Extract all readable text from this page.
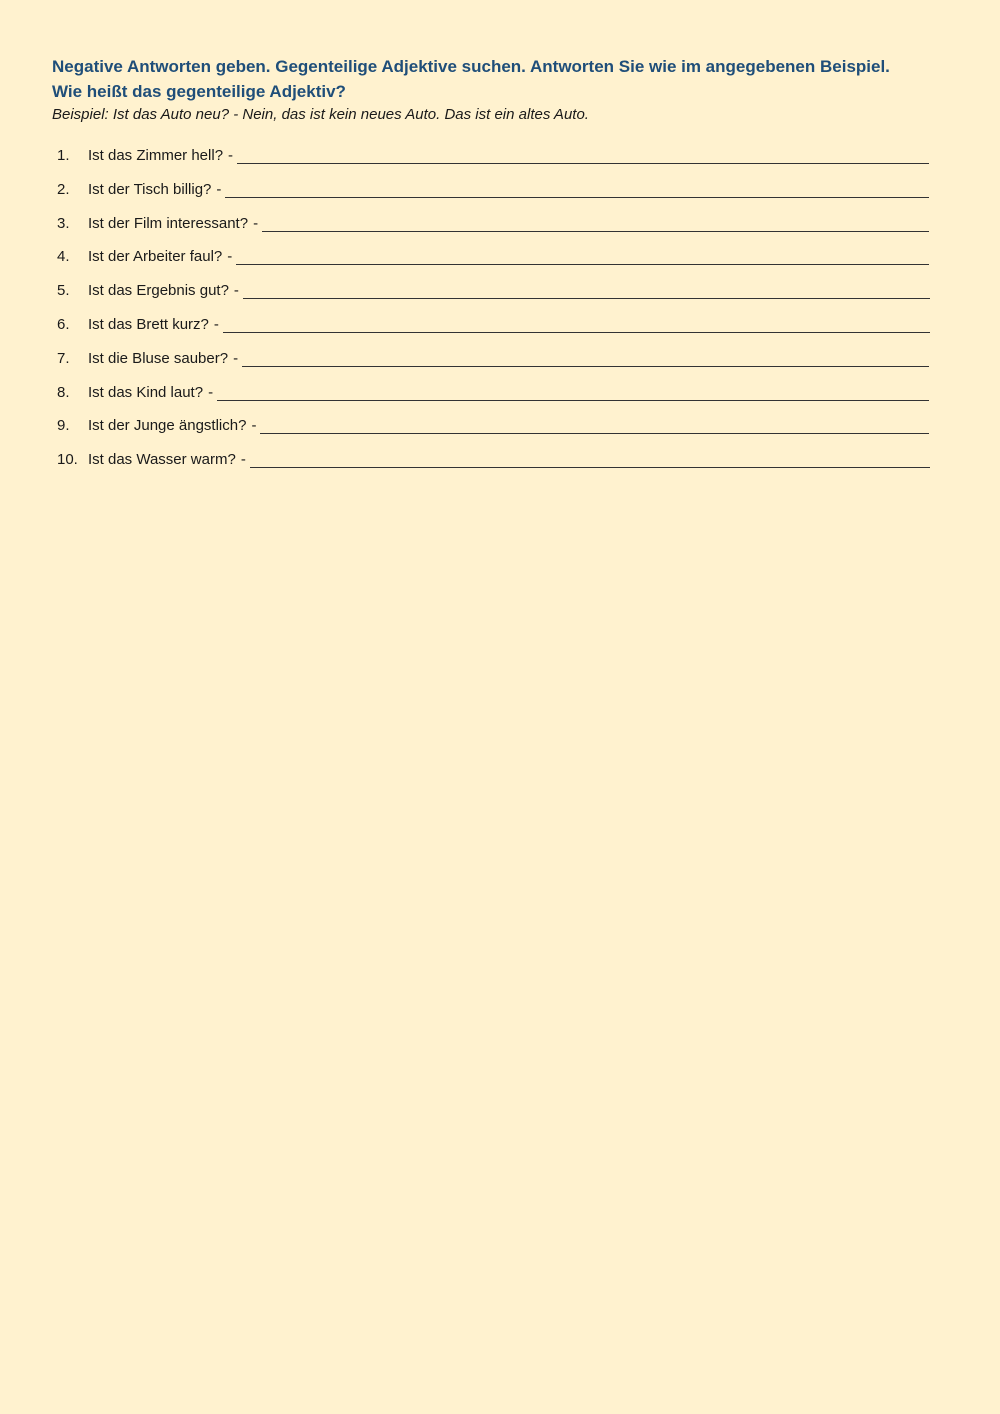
Negative Antworten geben. Gegenteilige Adjektive suchen. Antworten Sie wie im angegebenen Beispiel.
Wie heißt das gegenteilige Adjektiv?

Beispiel: Ist das Auto neu? - Nein, das ist kein neues Auto. Das ist ein altes Auto.

1.	Ist das Zimmer hell? -
2.	Ist der Tisch billig? -
3.	Ist der Film interessant? -
4.	Ist der Arbeiter faul? -
5.	Ist das Ergebnis gut? -
6.	Ist das Brett kurz? -
7.	Ist die Bluse sauber? -
8.	Ist das Kind laut? -
9.	Ist der Junge ängstlich? -
10. Ist das Wasser warm? -
